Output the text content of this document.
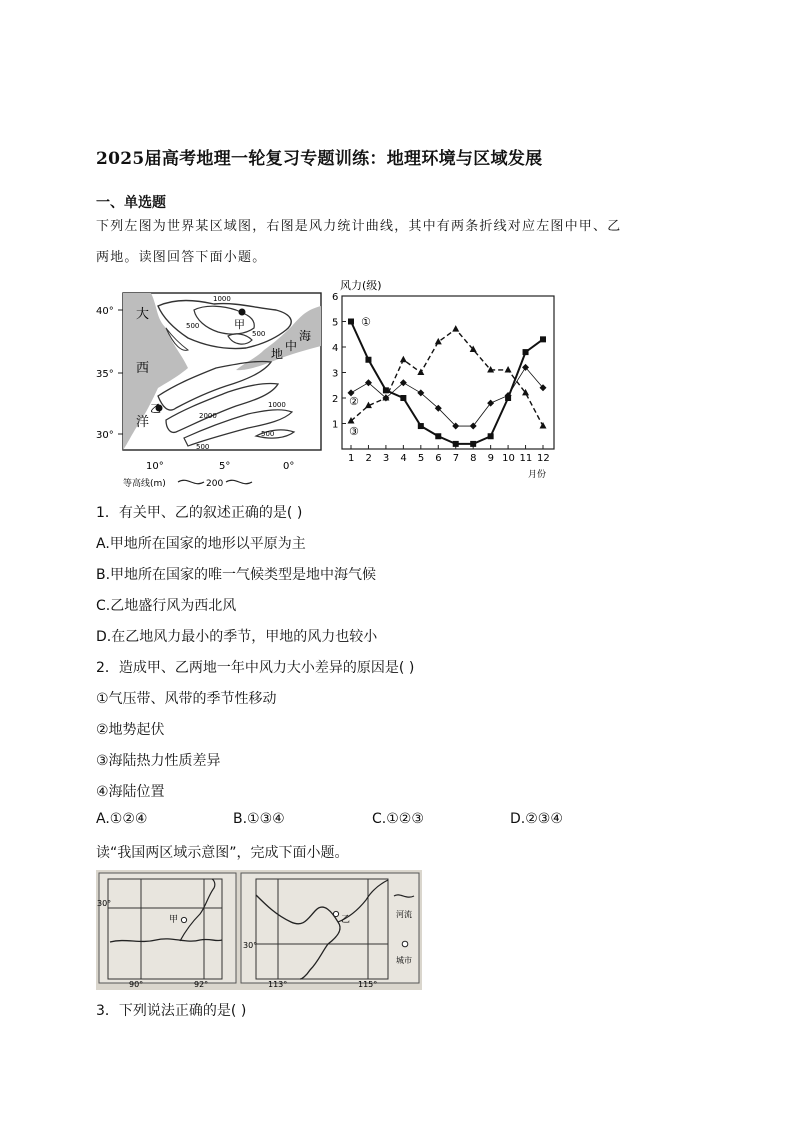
2025届高考地理一轮复习专题训练：地理环境与区域发展
一、单选题
下列左图为世界某区域图，右图是风力统计曲线，其中有两条折线对应左图中甲、乙
两地。读图回答下面小题。
40°
35°
30°
10°	5°	0°
大
西
洋
海
中
地
甲
乙
1000
500
500
2000
1000
500
500
等高线(m)	200
风力(级)
1
2
3
4
5
6
1 2 3 4 5 6 7 8 9 10 11 12
①
②
③
月份
1．有关甲、乙的叙述正确的是( )
A.甲地所在国家的地形以平原为主
B.甲地所在国家的唯一气候类型是地中海气候
C.乙地盛行风为西北风
D.在乙地风力最小的季节，甲地的风力也较小
2．造成甲、乙两地一年中风力大小差异的原因是( )
①气压带、风带的季节性移动
②地势起伏
③海陆热力性质差异
④海陆位置
A.①②④	B.①③④	C.①②③	D.②③④
读“我国两区域示意图”，完成下面小题。
甲
30°
90°	92°
乙
30°
113°	115°
河流
城市
3．下列说法正确的是( )
